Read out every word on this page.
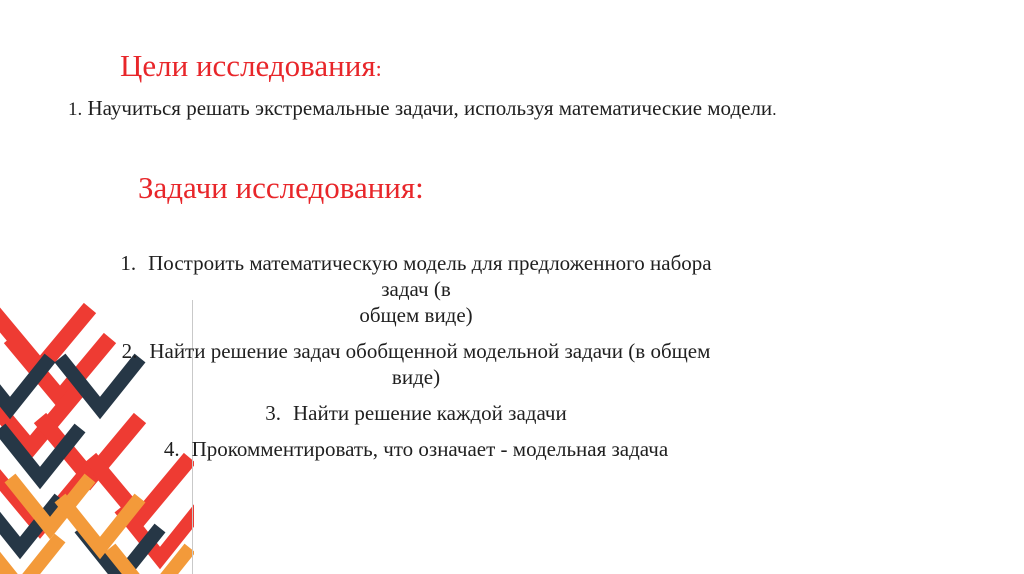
Цели исследования:
1. Научиться решать экстремальные задачи, используя математические модели.
Задачи исследования:
1. Построить математическую модель для предложенного набора задач (в
общем виде)
2. Найти решение задач обобщенной модельной задачи (в общем виде)
3. Найти решение каждой задачи
4. Прокомментировать, что означает - модельная задача
